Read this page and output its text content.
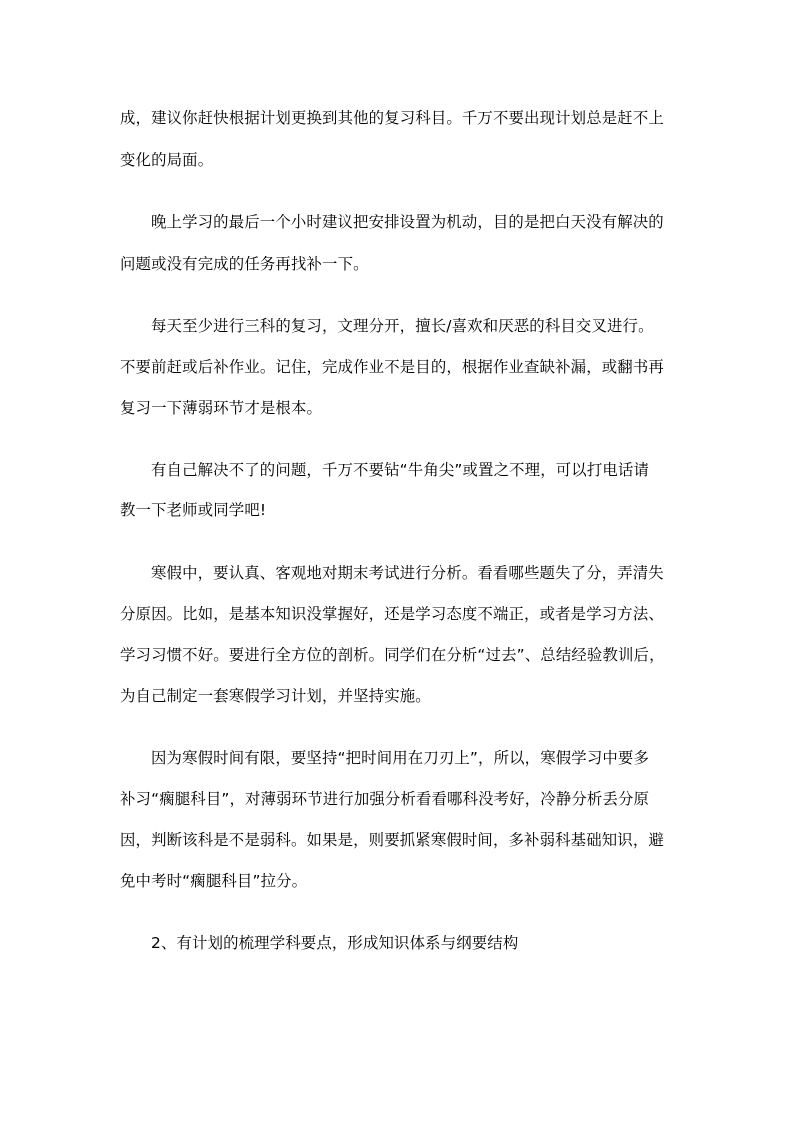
成，建议你赶快根据计划更换到其他的复习科目。千万不要出现计划总是赶不上
变化的局面。
晚上学习的最后一个小时建议把安排设置为机动，目的是把白天没有解决的
问题或没有完成的任务再找补一下。
每天至少进行三科的复习，文理分开，擅长/喜欢和厌恶的科目交叉进行。
不要前赶或后补作业。记住，完成作业不是目的，根据作业查缺补漏，或翻书再
复习一下薄弱环节才是根本。
有自己解决不了的问题，千万不要钻“牛角尖”或置之不理，可以打电话请
教一下老师或同学吧!
寒假中，要认真、客观地对期末考试进行分析。看看哪些题失了分，弄清失
分原因。比如，是基本知识没掌握好，还是学习态度不端正，或者是学习方法、
学习习惯不好。要进行全方位的剖析。同学们在分析“过去”、总结经验教训后，
为自己制定一套寒假学习计划，并坚持实施。
因为寒假时间有限，要坚持“把时间用在刀刃上”，所以，寒假学习中要多
补习“瘸腿科目”，对薄弱环节进行加强分析看看哪科没考好，冷静分析丢分原
因，判断该科是不是弱科。如果是，则要抓紧寒假时间，多补弱科基础知识，避
免中考时“瘸腿科目”拉分。
2、有计划的梳理学科要点，形成知识体系与纲要结构
